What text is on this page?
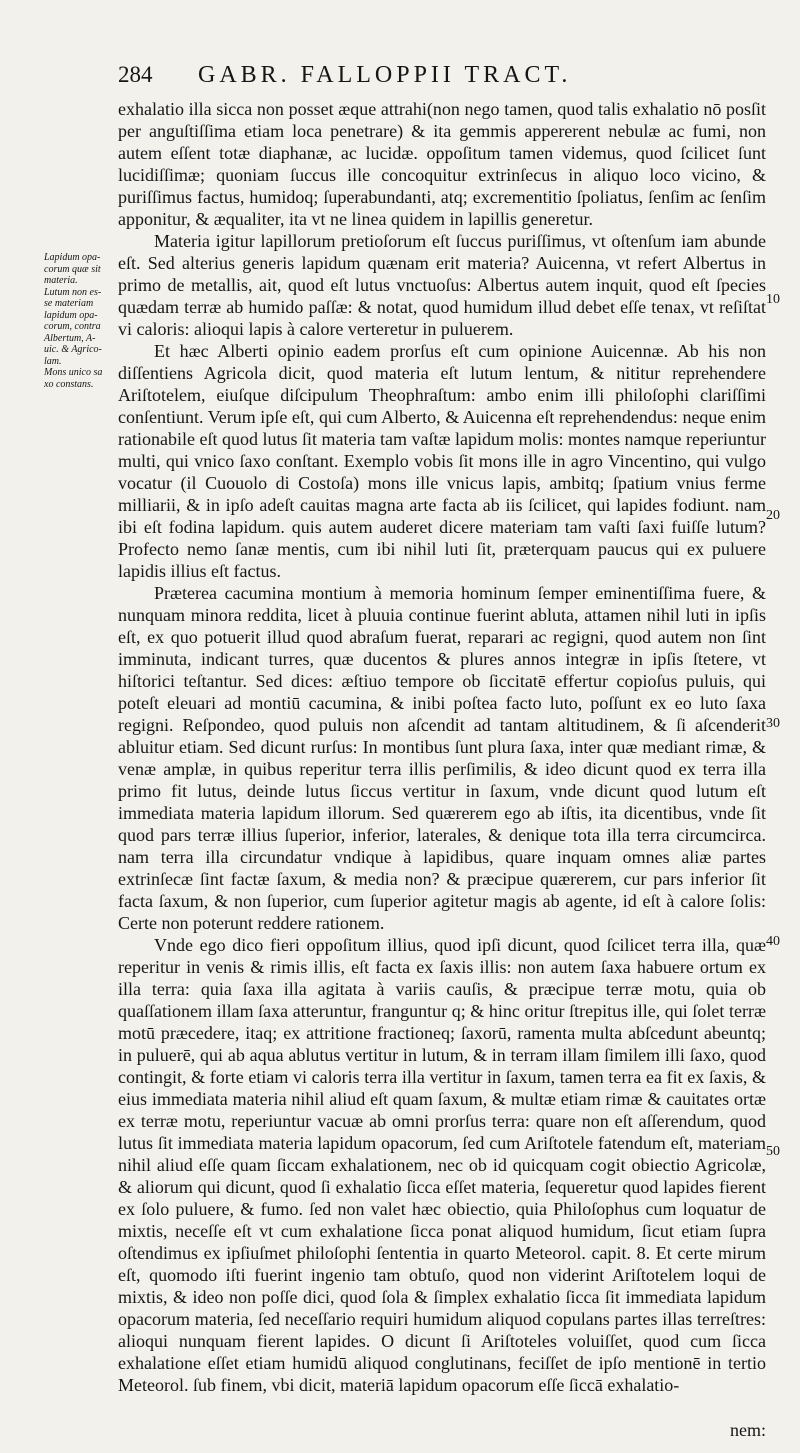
284	GABR. FALLOPPII TRACT.
Lapidum opa-
corum quæ sit
materia.
Lutum non es-
se materiam
lapidum opa-
corum, contra
Albertum, A-
uic. & Agrico-
lam.
Mons unico sa
xo constans.

exhalatio illa sicca non posset æque attrahi(non nego tamen, quod talis exhalatio nō posſit per anguſtiſſima etiam loca penetrare) & ita gemmis appererent nebulæ ac fumi, non autem eſſent totæ diaphanæ, ac lucidæ. oppoſitum tamen videmus, quod ſcilicet ſunt lucidiſſimæ; quoniam ſuccus ille concoquitur extrinſecus in aliquo loco vicino, & puriſſimus factus, humidoq; ſuperabundanti, atq; excrementitio ſpoliatus, ſenſim ac ſenſim apponitur, & æqualiter, ita vt ne linea quidem in lapillis generetur.

Materia igitur lapillorum pretioſorum eſt ſuccus puriſſimus, vt oſtenſum iam abunde eſt. Sed alterius generis lapidum quænam erit materia? Auicenna, vt refert Albertus in primo de metallis, ait, quod eſt lutus vnctuoſus: Albertus autem inquit, quod eſt ſpecies quædam terræ ab humido paſſæ: & notat, quod humidum illud debet eſſe tenax, vt reſiſtat vi caloris: alioqui lapis à calore verteretur in puluerem.

Et hæc Alberti opinio eadem prorſus eſt cum opinione Auicennæ. Ab his non diſſentiens Agricola dicit, quod materia eſt lutum lentum, & nititur reprehendere Ariſtotelem, eiuſque diſcipulum Theophraſtum: ambo enim illi philoſophi clariſſimi conſentiunt. Verum ipſe eſt, qui cum Alberto, & Auicenna eſt reprehendendus: neque enim rationabile eſt quod lutus ſit materia tam vaſtæ lapidum molis: montes namque reperiuntur multi, qui vnico ſaxo conſtant. Exemplo vobis ſit mons ille in agro Vincentino, qui vulgo vocatur (il Cuouolo di Costoſa) mons ille vnicus lapis, ambitq; ſpatium vnius ferme milliarii, & in ipſo adeſt cauitas magna arte facta ab iis ſcilicet, qui lapides fodiunt. nam ibi eſt fodina lapidum. quis autem auderet dicere materiam tam vaſti ſaxi fuiſſe lutum? Profecto nemo ſanæ mentis, cum ibi nihil luti ſit, præterquam paucus qui ex puluere lapidis illius eſt factus.

Præterea cacumina montium à memoria hominum ſemper eminentiſſima fuere, & nunquam minora reddita, licet à pluuia continue fuerint abluta, attamen nihil luti in ipſis eſt, ex quo potuerit illud quod abraſum fuerat, reparari ac regigni, quod autem non ſint imminuta, indicant turres, quæ ducentos & plures annos integræ in ipſis ſtetere, vt hiſtorici teſtantur. Sed dices: æſtiuo tempore ob ſiccitatē effertur copioſus puluis, qui poteſt eleuari ad montiū cacumina, & inibi poſtea facto luto, poſſunt ex eo luto ſaxa regigni. Reſpondeo, quod puluis non aſcendit ad tantam altitudinem, & ſi aſcenderit abluitur etiam. Sed dicunt rurſus: In montibus ſunt plura ſaxa, inter quæ mediant rimæ, & venæ amplæ, in quibus reperitur terra illis perſimilis, & ideo dicunt quod ex terra illa primo fit lutus, deinde lutus ſiccus vertitur in ſaxum, vnde dicunt quod lutum eſt immediata materia lapidum illorum. Sed quærerem ego ab iſtis, ita dicentibus, vnde ſit quod pars terræ illius ſuperior, inferior, laterales, & denique tota illa terra circumcirca. nam terra illa circundatur vndique à lapidibus, quare inquam omnes aliæ partes extrinſecæ ſint factæ ſaxum, & media non? & præcipue quærerem, cur pars inferior ſit facta ſaxum, & non ſuperior, cum ſuperior agitetur magis ab agente, id eſt à calore ſolis: Certe non poterunt reddere rationem.

Vnde ego dico fieri oppoſitum illius, quod ipſi dicunt, quod ſcilicet terra illa, quæ reperitur in venis & rimis illis, eſt facta ex ſaxis illis: non autem ſaxa habuere ortum ex illa terra: quia ſaxa illa agitata à variis cauſis, & præcipue terræ motu, quia ob quaſſationem illam ſaxa atteruntur, franguntur q; & hinc oritur ſtrepitus ille, qui ſolet terræ motū præcedere, itaq; ex attritione fractioneq; ſaxorū, ramenta multa abſcedunt abeuntq; in puluerē, qui ab aqua ablutus vertitur in lutum, & in terram illam ſimilem illi ſaxo, quod contingit, & forte etiam vi caloris terra illa vertitur in ſaxum, tamen terra ea fit ex ſaxis, & eius immediata materia nihil aliud eſt quam ſaxum, & multæ etiam rimæ & cauitates ortæ ex terræ motu, reperiuntur vacuæ ab omni prorſus terra: quare non eſt aſſerendum, quod lutus ſit immediata materia lapidum opacorum, ſed cum Ariſtotele fatendum eſt, materiam nihil aliud eſſe quam ſiccam exhalationem, nec ob id quicquam cogit obiectio Agricolæ, & aliorum qui dicunt, quod ſi exhalatio ſicca eſſet materia, ſequeretur quod lapides fierent ex ſolo puluere, & fumo. ſed non valet hæc obiectio, quia Philoſophus cum loquatur de mixtis, neceſſe eſt vt cum exhalatione ſicca ponat aliquod humidum, ſicut etiam ſupra oſtendimus ex ipſiuſmet philoſophi ſententia in quarto Meteorol. capit. 8. Et certe mirum eſt, quomodo iſti fuerint ingenio tam obtuſo, quod non viderint Ariſtotelem loqui de mixtis, & ideo non poſſe dici, quod ſola & ſimplex exhalatio ſicca ſit immediata lapidum opacorum materia, ſed neceſſario requiri humidum aliquod copulans partes illas terreſtres: alioqui nunquam fierent lapides. O dicunt ſi Ariſtoteles voluiſſet, quod cum ſicca exhalatione eſſet etiam humidū aliquod conglutinans, feciſſet de ipſo mentionē in tertio Meteorol. ſub finem, vbi dicit, materiā lapidum opacorum eſſe ſiccā exhalatio-

10
20
30
40
50
nem:
